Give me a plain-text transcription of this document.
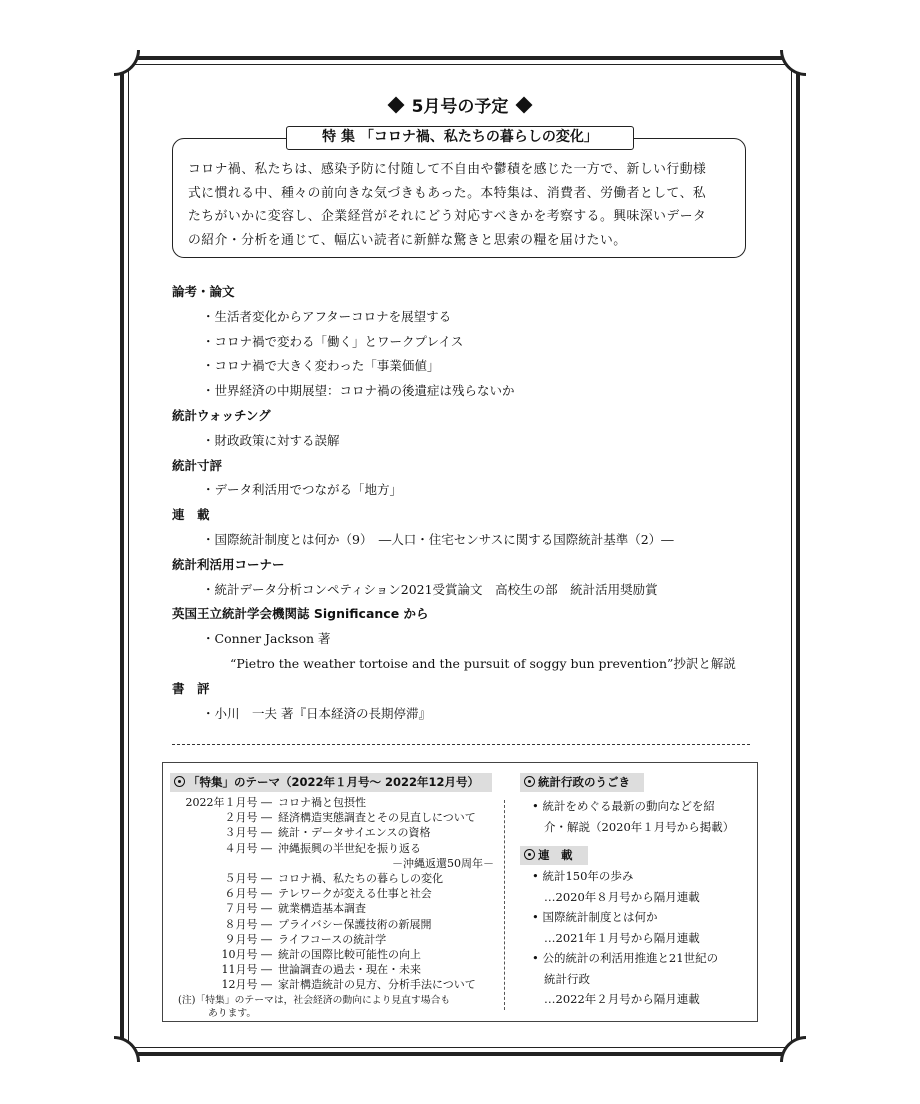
5月号の予定
特 集 「コロナ禍、私たちの暮らしの変化」
コロナ禍、私たちは、感染予防に付随して不自由や鬱積を感じた一方で、新しい行動様
式に慣れる中、種々の前向きな気づきもあった。本特集は、消費者、労働者として、私
たちがいかに変容し、企業経営がそれにどう対応すべきかを考察する。興味深いデータ
の紹介・分析を通じて、幅広い読者に新鮮な驚きと思索の糧を届けたい。
論考・論文
・生活者変化からアフターコロナを展望する
・コロナ禍で変わる「働く」とワークプレイス
・コロナ禍で大きく変わった「事業価値」
・世界経済の中期展望：コロナ禍の後遺症は残らないか
統計ウォッチング
・財政政策に対する誤解
統計寸評
・データ利活用でつながる「地方」
連　載
・国際統計制度とは何か（9）　―人口・住宅センサスに関する国際統計基準（2）―
統計利活用コーナー
・統計データ分析コンペティション2021受賞論文　高校生の部　統計活用奨励賞
英国王立統計学会機関誌 Significance から
・Conner Jackson 著
“Pietro the weather tortoise and the pursuit of soggy bun prevention”抄訳と解説
書　評
・小川　一夫 著『日本経済の長期停滞』
「特集」のテーマ（2022年１月号〜 2022年12月号）
2022年１月号 ― コロナ禍と包摂性
２月号 ― 経済構造実態調査とその見直しについて
３月号 ― 統計・データサイエンスの資格
４月号 ― 沖縄振興の半世紀を振り返る
－沖縄返還50周年－
５月号 ― コロナ禍、私たちの暮らしの変化
６月号 ― テレワークが変える仕事と社会
７月号 ― 就業構造基本調査
８月号 ― プライバシー保護技術の新展開
９月号 ― ライフコースの統計学
10月号 ― 統計の国際比較可能性の向上
11月号 ― 世論調査の過去・現在・未来
12月号 ― 家計構造統計の見方、分析手法について
(注)「特集」のテーマは，社会経済の動向により見直す場合も
あります。
統計行政のうごき
• 統計をめぐる最新の動向などを紹
介・解説（2020年１月号から掲載）
連　載
• 統計150年の歩み
…2020年８月号から隔月連載
• 国際統計制度とは何か
…2021年１月号から隔月連載
• 公的統計の利活用推進と21世紀の
統計行政
…2022年２月号から隔月連載
